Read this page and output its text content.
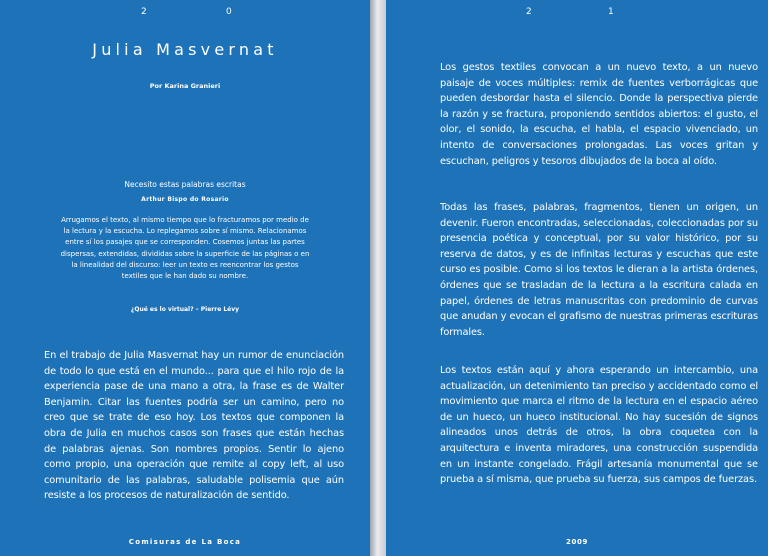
2	0
Julia Masvernat
Por Karina Granieri
Necesito estas palabras escritas
Arthur Bispo do Rosario
Arrugamos el texto, al mismo tiempo que lo fracturamos por medio de la lectura y la escucha. Lo replegamos sobre sí mismo. Relacionamos entre sí los pasajes que se corresponden. Cosemos juntas las partes dispersas, extendidas, divididas sobre la superficie de las páginas o en la linealidad del discurso: leer un texto es reencontrar los gestos textiles que le han dado su nombre.
¿Qué es lo virtual? – Pierre Lévy
En el trabajo de Julia Masvernat hay un rumor de enunciación de todo lo que está en el mundo... para que el hilo rojo de la experiencia pase de una mano a otra, la frase es de Walter Benjamin. Citar las fuentes podría ser un camino, pero no creo que se trate de eso hoy. Los textos que componen la obra de Julia en muchos casos son frases que están hechas de palabras ajenas. Son nombres propios. Sentir lo ajeno como propio, una operación que remite al copy left, al uso comunitario de las palabras, saludable polisemia que aún resiste a los procesos de naturalización de sentido.
Comisuras de La Boca
2	1

Los gestos textiles convocan a un nuevo texto, a un nuevo paisaje de voces múltiples: remix de fuentes verborrágicas que pueden desbordar hasta el silencio. Donde la perspectiva pierde la razón y se fractura, proponiendo sentidos abiertos: el gusto, el olor, el sonido, la escucha, el habla, el espacio vivenciado, un intento de conversaciones prolongadas. Las voces gritan y escuchan, peligros y tesoros dibujados de la boca al oído.

Todas las frases, palabras, fragmentos, tienen un origen, un devenir. Fueron encontradas, seleccionadas, coleccionadas por su presencia poética y conceptual, por su valor histórico, por su reserva de datos, y es de infinitas lecturas y escuchas que este curso es posible. Como si los textos le dieran a la artista órdenes, órdenes que se trasladan de la lectura a la escritura calada en papel, órdenes de letras manuscritas con predominio de curvas que anudan y evocan el grafismo de nuestras primeras escrituras formales.

Los textos están aquí y ahora esperando un intercambio, una actualización, un detenimiento tan preciso y accidentado como el movimiento que marca el ritmo de la lectura en el espacio aéreo de un hueco, un hueco institucional. No hay sucesión de signos alineados unos detrás de otros, la obra coquetea con la arquitectura e inventa miradores, una construcción suspendida en un instante congelado. Frágil artesanía monumental que se prueba a sí misma, que prueba su fuerza, sus campos de fuerzas.

2009
